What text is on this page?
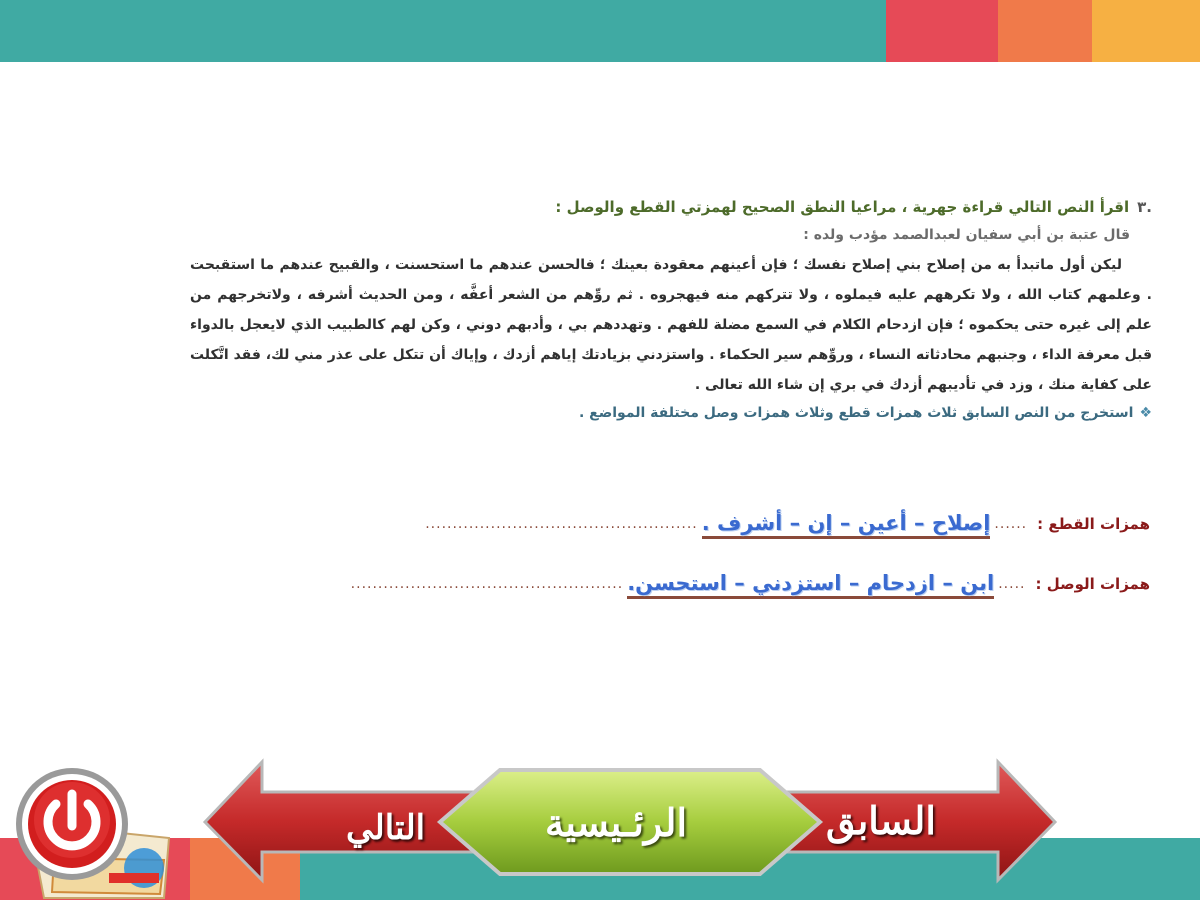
.٣اقرأ النص التالي قراءة جهرية ، مراعيا النطق الصحيح لهمزتي القطع والوصل :

قال عتبة بن أبي سفيان لعبدالصمد مؤدب ولده :

ليكن أول ماتبدأ به من إصلاح بني إصلاح نفسك ؛ فإن أعينهم معقودة بعينك ؛ فالحسن عندهم ما استحسنت ، والقبيح عندهم ما استقبحت . وعلمهم كتاب الله ، ولا تكرههم عليه فيملوه ، ولا تتركهم منه فيهجروه . ثم روِّهم من الشعر أعفَّه ، ومن الحديث أشرفه ، ولاتخرجهم من علم إلى غيره حتى يحكموه ؛ فإن ازدحام الكلام في السمع مضلة للفهم . وتهددهم بي ، وأدبهم دوني ، وكن لهم كالطبيب الذي لايعجل بالدواء قبل معرفة الداء ، وجنبهم محادثاته النساء ، وروِّهم سير الحكماء . واستزدني بزيادتك إياهم أزدك ، وإياك أن تتكل على عذر مني لك، فقد اتَّكلت على كفاية منك ، وزد في تأديبهم أزدك في بري إن شاء الله تعالى .

❖استخرج من النص السابق ثلاث همزات قطع وثلاث همزات وصل مختلفة المواضع .

همزات القطع :
......
إصلاح – أعين – إن – أشرف .
..................................................
همزات الوصل :
.....
ابن – ازدحام – استزدني – استحسن.
..................................................
السابق
الرئـيسية
التالي
